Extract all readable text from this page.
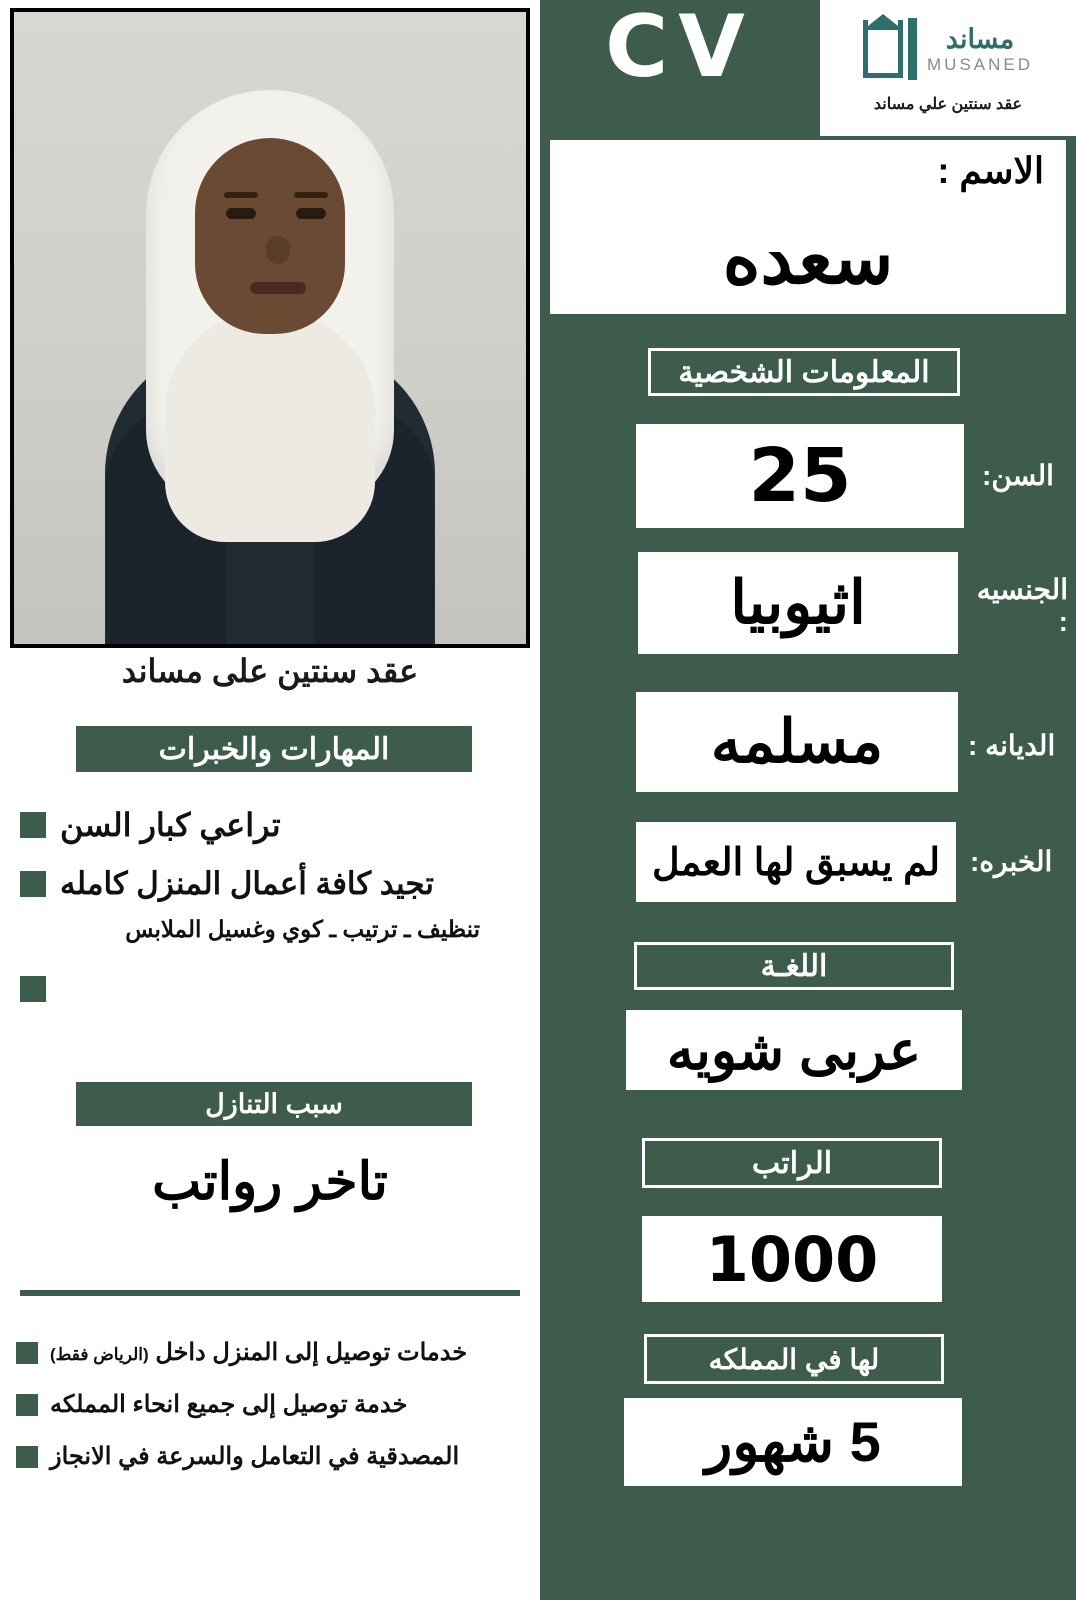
CV	مساند
MUSANED
عقد سنتين علي مساند
الاسم :
سعده
المعلومات الشخصية
السن:
25
الجنسيه :
اثيوبيا
الديانه :
مسلمه
الخبره:
لم يسبق لها العمل
اللغـة
عربى شويه
الراتب
1000
لها في المملكه
5 شهور
عقد سنتين على مساند
المهارات والخبرات
تراعي كبار السن
تجيد كافة أعمال المنزل كامله
تنظيف ـ ترتيب ـ كوي وغسيل الملابس
سبب التنازل
تاخر رواتب
خدمات توصيل إلى المنزل داخل (الرياض فقط)
خدمة توصيل إلى جميع انحاء المملكه
المصدقية في التعامل والسرعة في الانجاز
